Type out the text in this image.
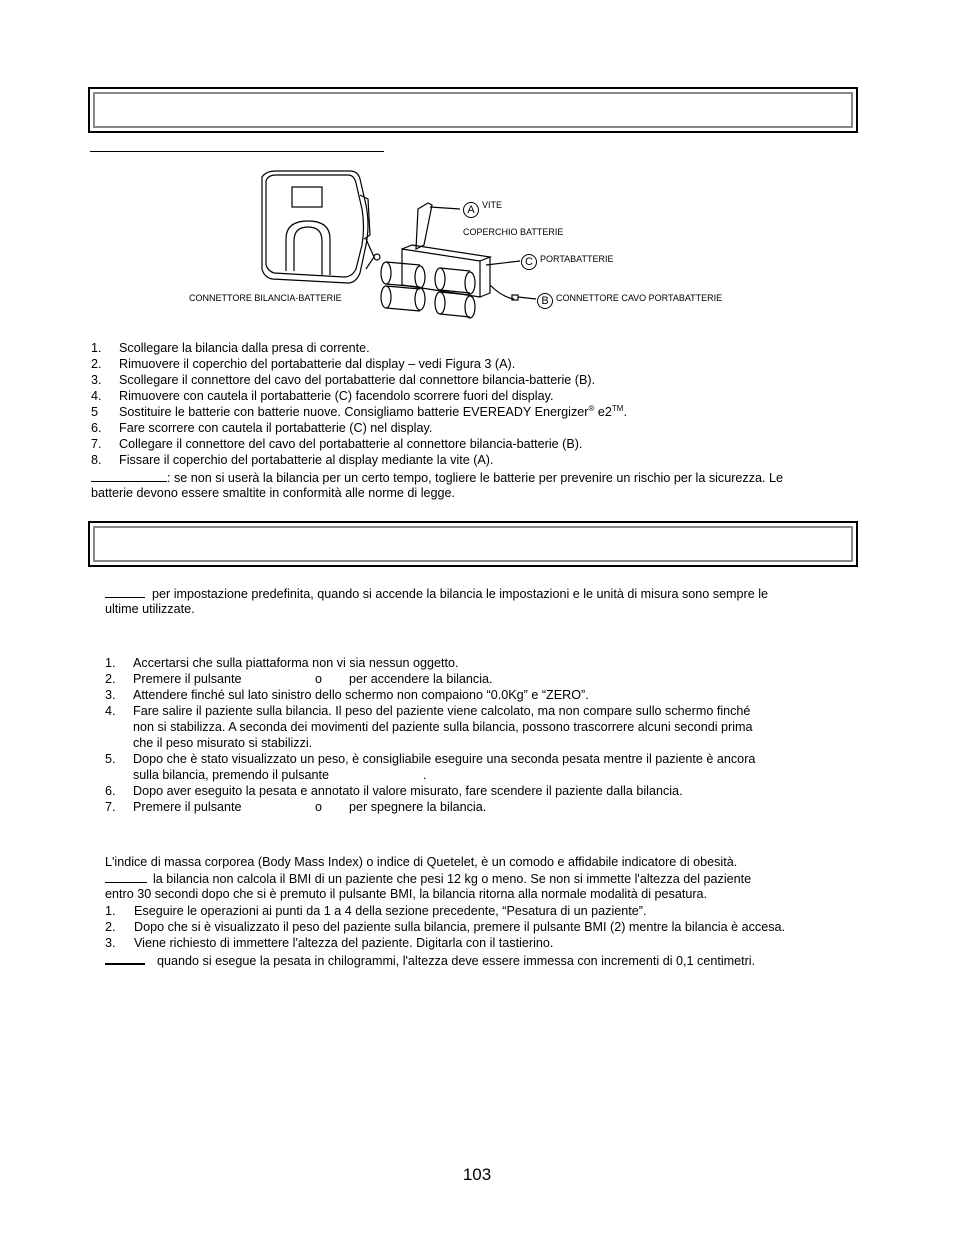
A VITE
COPERCHIO BATTERIE
C PORTABATTERIE
B CONNETTORE CAVO PORTABATTERIE
CONNETTORE BILANCIA-BATTERIE
1. Scollegare la bilancia dalla presa di corrente.
2. Rimuovere il coperchio del portabatterie dal display – vedi Figura 3 (A).
3. Scollegare il connettore del cavo del portabatterie dal connettore bilancia-batterie (B).
4. Rimuovere con cautela il portabatterie (C) facendolo scorrere fuori del display.
5 Sostituire le batterie con batterie nuove. Consigliamo batterie EVEREADY Energizer® e2™.
6. Fare scorrere con cautela il portabatterie (C) nel display.
7. Collegare il connettore del cavo del portabatterie al connettore bilancia-batterie (B).
8. Fissare il coperchio del portabatterie al display mediante la vite (A).
: se non si userà la bilancia per un certo tempo, togliere le batterie per prevenire un rischio per la sicurezza. Le
batterie devono essere smaltite in conformità alle norme di legge.
per impostazione predefinita, quando si accende la bilancia le impostazioni e le unità di misura sono sempre le
ultime utilizzate.
1. Accertarsi che sulla piattaforma non vi sia nessun oggetto.
2. Premere il pulsante	o per accendere la bilancia.
3. Attendere finché sul lato sinistro dello schermo non compaiono “0.0Kg” e “ZERO”.
4. Fare salire il paziente sulla bilancia. Il peso del paziente viene calcolato, ma non compare sullo schermo finché
non si stabilizza. A seconda dei movimenti del paziente sulla bilancia, possono trascorrere alcuni secondi prima
che il peso misurato si stabilizzi.
5. Dopo che è stato visualizzato un peso, è consigliabile eseguire una seconda pesata mentre il paziente è ancora
sulla bilancia, premendo il pulsante	.
6. Dopo aver eseguito la pesata e annotato il valore misurato, fare scendere il paziente dalla bilancia.
7. Premere il pulsante	o per spegnere la bilancia.
L'indice di massa corporea (Body Mass Index) o indice di Quetelet, è un comodo e affidabile indicatore di obesità.
la bilancia non calcola il BMI di un paziente che pesi 12 kg o meno. Se non si immette l'altezza del paziente
entro 30 secondi dopo che si è premuto il pulsante BMI, la bilancia ritorna alla normale modalità di pesatura.
1. Eseguire le operazioni ai punti da 1 a 4 della sezione precedente, “Pesatura di un paziente”.
2. Dopo che si è visualizzato il peso del paziente sulla bilancia, premere il pulsante BMI (2) mentre la bilancia è accesa.
3. Viene richiesto di immettere l'altezza del paziente. Digitarla con il tastierino.
quando si esegue la pesata in chilogrammi, l'altezza deve essere immessa con incrementi di 0,1 centimetri.
103
